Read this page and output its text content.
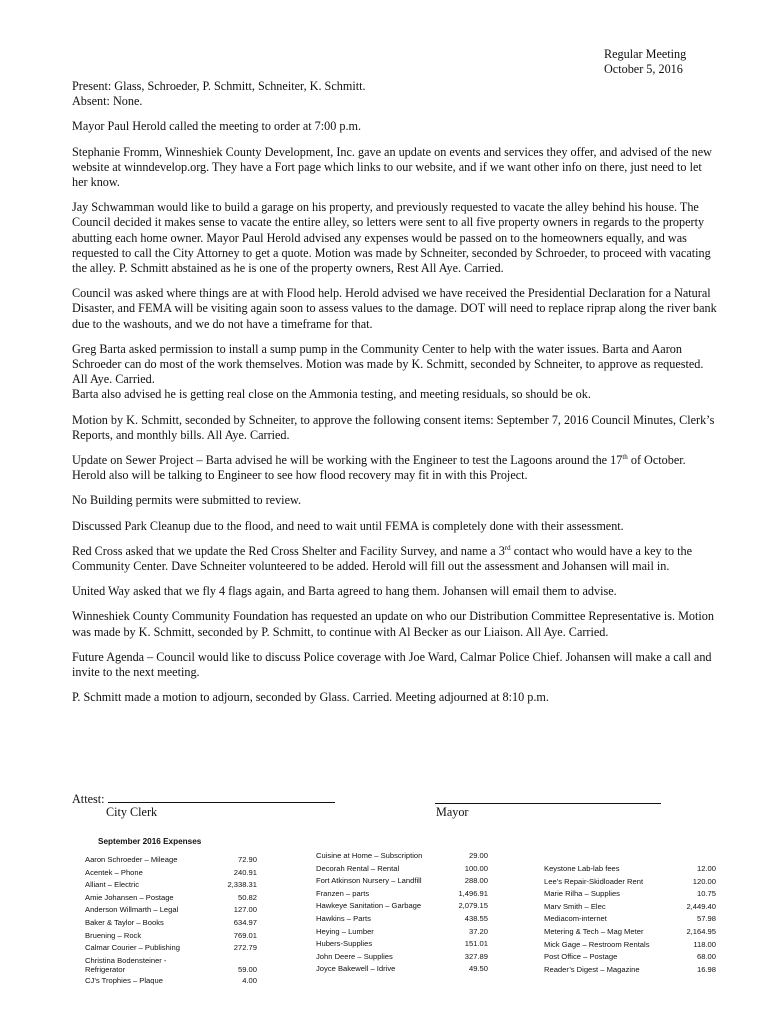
Regular Meeting
October 5, 2016

Present: Glass, Schroeder, P. Schmitt, Schneiter, K. Schmitt.

Absent: None.

Mayor Paul Herold called the meeting to order at 7:00 p.m.

Stephanie Fromm, Winneshiek County Development, Inc. gave an update on events and services they offer, and advised of the new website at winndevelop.org. They have a Fort page which links to our website, and if we want other info on there, just need to let her know.

Jay Schwamman would like to build a garage on his property, and previously requested to vacate the alley behind his house. The Council decided it makes sense to vacate the entire alley, so letters were sent to all five property owners in regards to the property abutting each home owner. Mayor Paul Herold advised any expenses would be passed on to the homeowners equally, and was requested to call the City Attorney to get a quote. Motion was made by Schneiter, seconded by Schroeder, to proceed with vacating the alley. P. Schmitt abstained as he is one of the property owners, Rest All Aye. Carried.

Council was asked where things are at with Flood help. Herold advised we have received the Presidential Declaration for a Natural Disaster, and FEMA will be visiting again soon to assess values to the damage. DOT will need to replace riprap along the river bank due to the washouts, and we do not have a timeframe for that.

Greg Barta asked permission to install a sump pump in the Community Center to help with the water issues. Barta and Aaron Schroeder can do most of the work themselves. Motion was made by K. Schmitt, seconded by Schneiter, to approve as requested. All Aye. Carried.

Barta also advised he is getting real close on the Ammonia testing, and meeting residuals, so should be ok.

Motion by K. Schmitt, seconded by Schneiter, to approve the following consent items: September 7, 2016 Council Minutes, Clerk’s Reports, and monthly bills. All Aye. Carried.

Update on Sewer Project – Barta advised he will be working with the Engineer to test the Lagoons around the 17th of October. Herold also will be talking to Engineer to see how flood recovery may fit in with this Project.

No Building permits were submitted to review.

Discussed Park Cleanup due to the flood, and need to wait until FEMA is completely done with their assessment.

Red Cross asked that we update the Red Cross Shelter and Facility Survey, and name a 3rd contact who would have a key to the Community Center. Dave Schneiter volunteered to be added. Herold will fill out the assessment and Johansen will mail in.

United Way asked that we fly 4 flags again, and Barta agreed to hang them. Johansen will email them to advise.

Winneshiek County Community Foundation has requested an update on who our Distribution Committee Representative is. Motion was made by K. Schmitt, seconded by P. Schmitt, to continue with Al Becker as our Liaison. All Aye. Carried.

Future Agenda – Council would like to discuss Police coverage with Joe Ward, Calmar Police Chief. Johansen will make a call and invite to the next meeting.

P. Schmitt made a motion to adjourn, seconded by Glass. Carried. Meeting adjourned at 8:10 p.m.

Attest:
City Clerk	Mayor
September 2016 Expenses
Aaron Schroeder – Mileage	72.90
Acentek – Phone	240.91
Alliant – Electric	2,338.31
Amie Johansen – Postage	50.82
Anderson Willmarth – Legal	127.00
Baker & Taylor – Books	634.97
Bruening – Rock	769.01
Calmar Courier – Publishing	272.79
Christina Bodensteiner - Refrigerator	59.00
CJ’s Trophies – Plaque	4.00
Cuisine at Home – Subscription	29.00
Decorah Rental – Rental	100.00
Fort Atkinson Nursery – Landfill	288.00
Franzen – parts	1,496.91
Hawkeye Sanitation – Garbage	2,079.15
Hawkins – Parts	438.55
Heying – Lumber	37.20
Hubers-Supplies	151.01
John Deere – Supplies	327.89
Joyce Bakewell – Idrive	49.50
Keystone Lab-lab fees	12.00
Lee’s Repair-Skidloader Rent	120.00
Marie Rilha – Supplies	10.75
Marv Smith – Elec	2,449.40
Mediacom-internet	57.98
Metering & Tech – Mag Meter	2,164.95
Mick Gage – Restroom Rentals	118.00
Post Office – Postage	68.00
Reader’s Digest – Magazine	16.98
